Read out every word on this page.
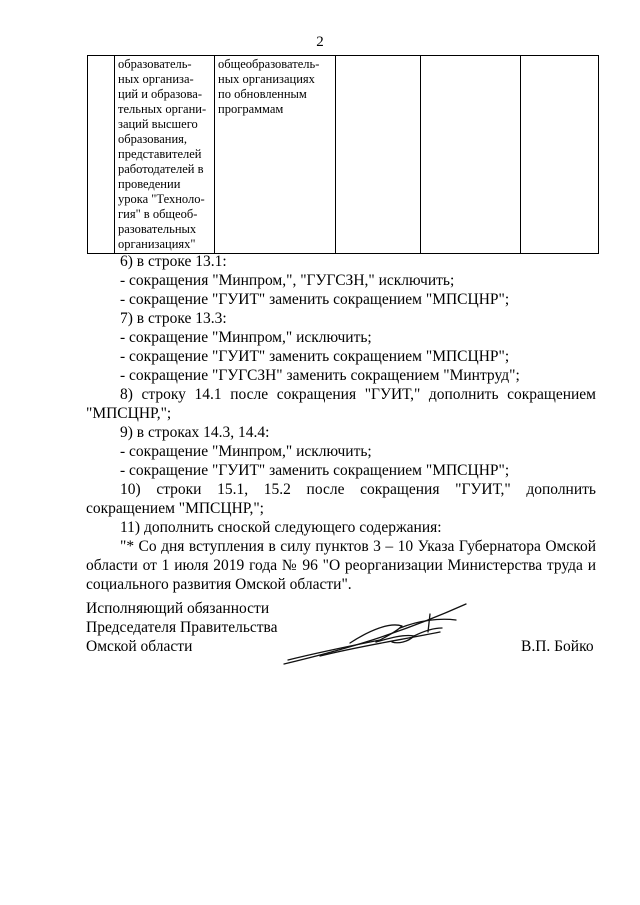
2
	образователь-
ных организа-
ций и образова-
тельных органи-
заций высшего
образования,
представителей
работодателей в
проведении
урока "Техноло-
гия" в общеоб-
разовательных
организациях"	общеобразователь-
ных организациях
по обновленным
программам			

6) в строке 13.1:

- сокращения "Минпром,", "ГУГСЗН," исключить;

- сокращение "ГУИТ" заменить сокращением "МПСЦНР";

7) в строке 13.3:

- сокращение "Минпром," исключить;

- сокращение "ГУИТ" заменить сокращением "МПСЦНР";

- сокращение "ГУГСЗН" заменить сокращением "Минтруд";

8) строку 14.1 после сокращения "ГУИТ," дополнить сокращением

"МПСЦНР,";

9) в строках 14.3, 14.4:

- сокращение "Минпром," исключить;

- сокращение "ГУИТ" заменить сокращением "МПСЦНР";

10) строки 15.1, 15.2 после сокращения "ГУИТ," дополнить

сокращением "МПСЦНР,";

11) дополнить сноской следующего содержания:

"* Со дня вступления в силу пунктов 3 – 10 Указа Губернатора Омской области от 1 июля 2019 года № 96 "О реорганизации Министерства труда и социального развития Омской области".

Исполняющий обязанности
Председателя Правительства
Омской области	В.П. Бойко
